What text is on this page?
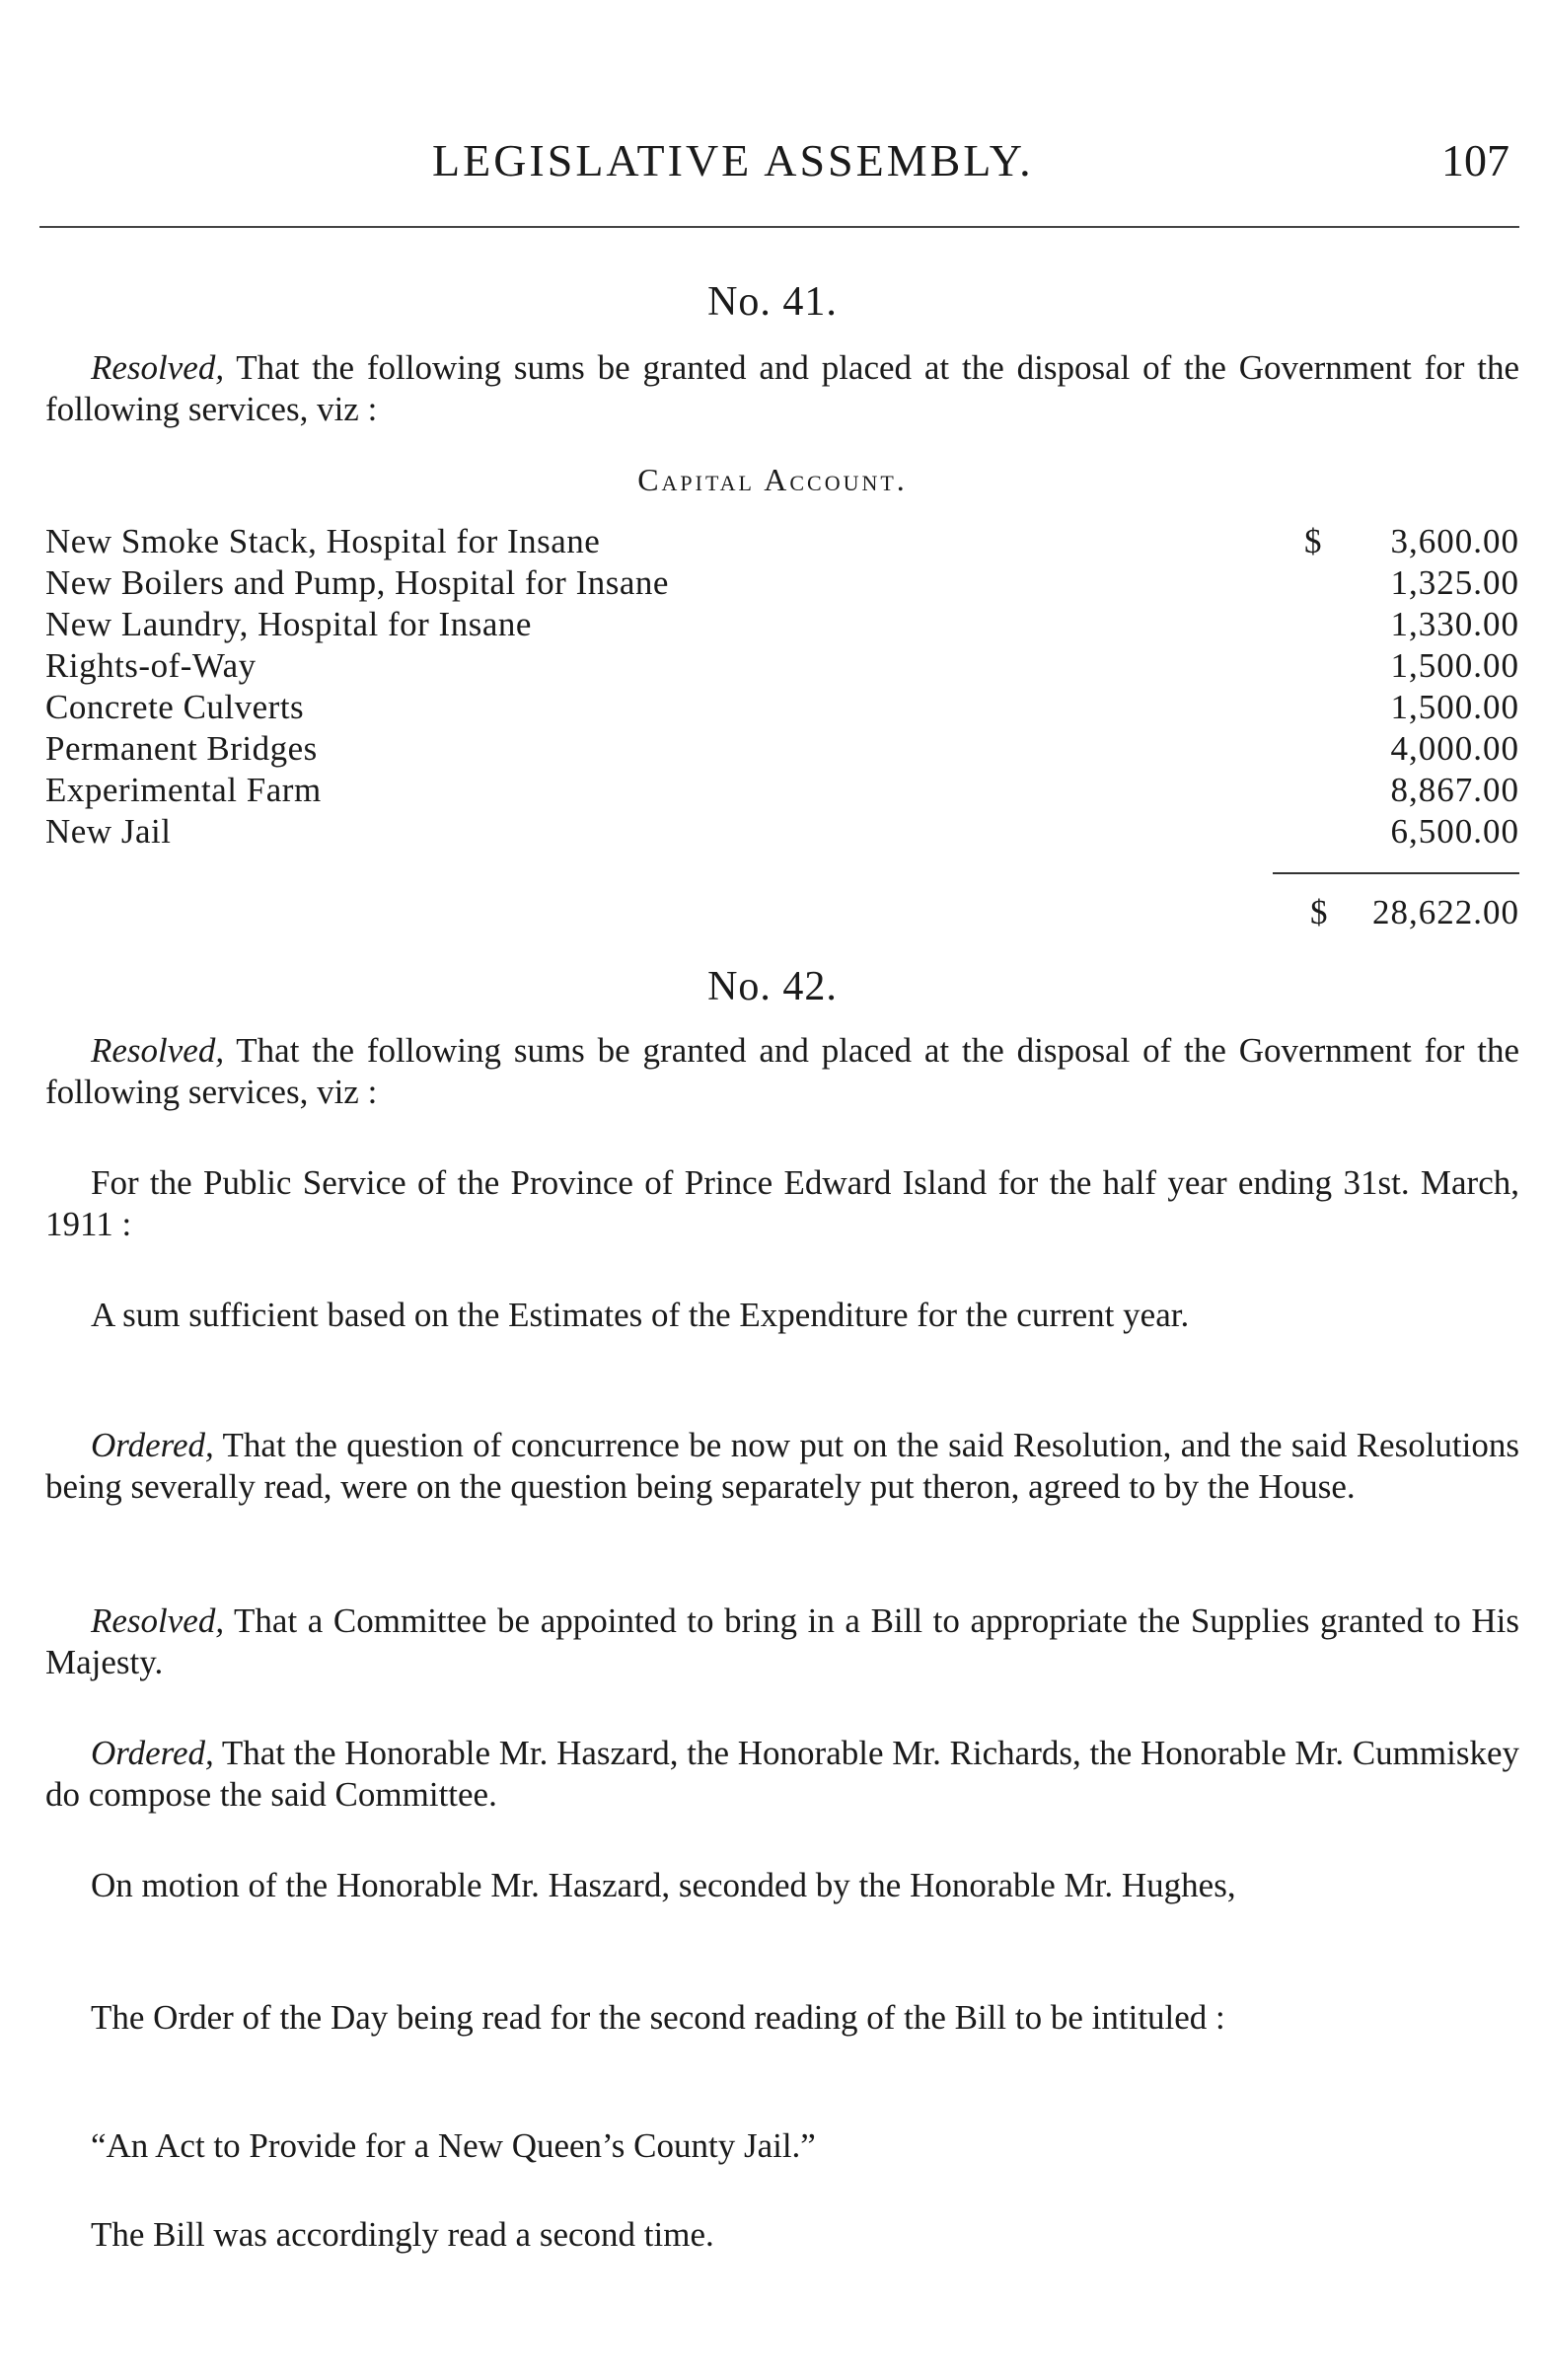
LEGISLATIVE ASSEMBLY.	107
No. 41.

Resolved, That the following sums be granted and placed at the disposal of the Government for the following services, viz :

Capital Account.
New Smoke Stack, Hospital for Insane	$ 3,600.00
New Boilers and Pump, Hospital for Insane	1,325.00
New Laundry, Hospital for Insane	1,330.00
Rights-of-Way	1,500.00
Concrete Culverts	1,500.00
Permanent Bridges	4,000.00
Experimental Farm	8,867.00
New Jail	6,500.00
$ 28,622.00
No. 42.

Resolved, That the following sums be granted and placed at the disposal of the Government for the following services, viz :

For the Public Service of the Province of Prince Edward Island for the half year ending 31st. March, 1911 :

A sum sufficient based on the Estimates of the Expenditure for the current year.

Ordered, That the question of concurrence be now put on the said Resolution, and the said Resolutions being severally read, were on the question being separately put theron, agreed to by the House.

Resolved, That a Committee be appointed to bring in a Bill to appropriate the Supplies granted to His Majesty.

Ordered, That the Honorable Mr. Haszard, the Honorable Mr. Richards, the Honorable Mr. Cummiskey do compose the said Committee.

On motion of the Honorable Mr. Haszard, seconded by the Honorable Mr. Hughes,

The Order of the Day being read for the second reading of the Bill to be intituled :

“An Act to Provide for a New Queen’s County Jail.”

The Bill was accordingly read a second time.
